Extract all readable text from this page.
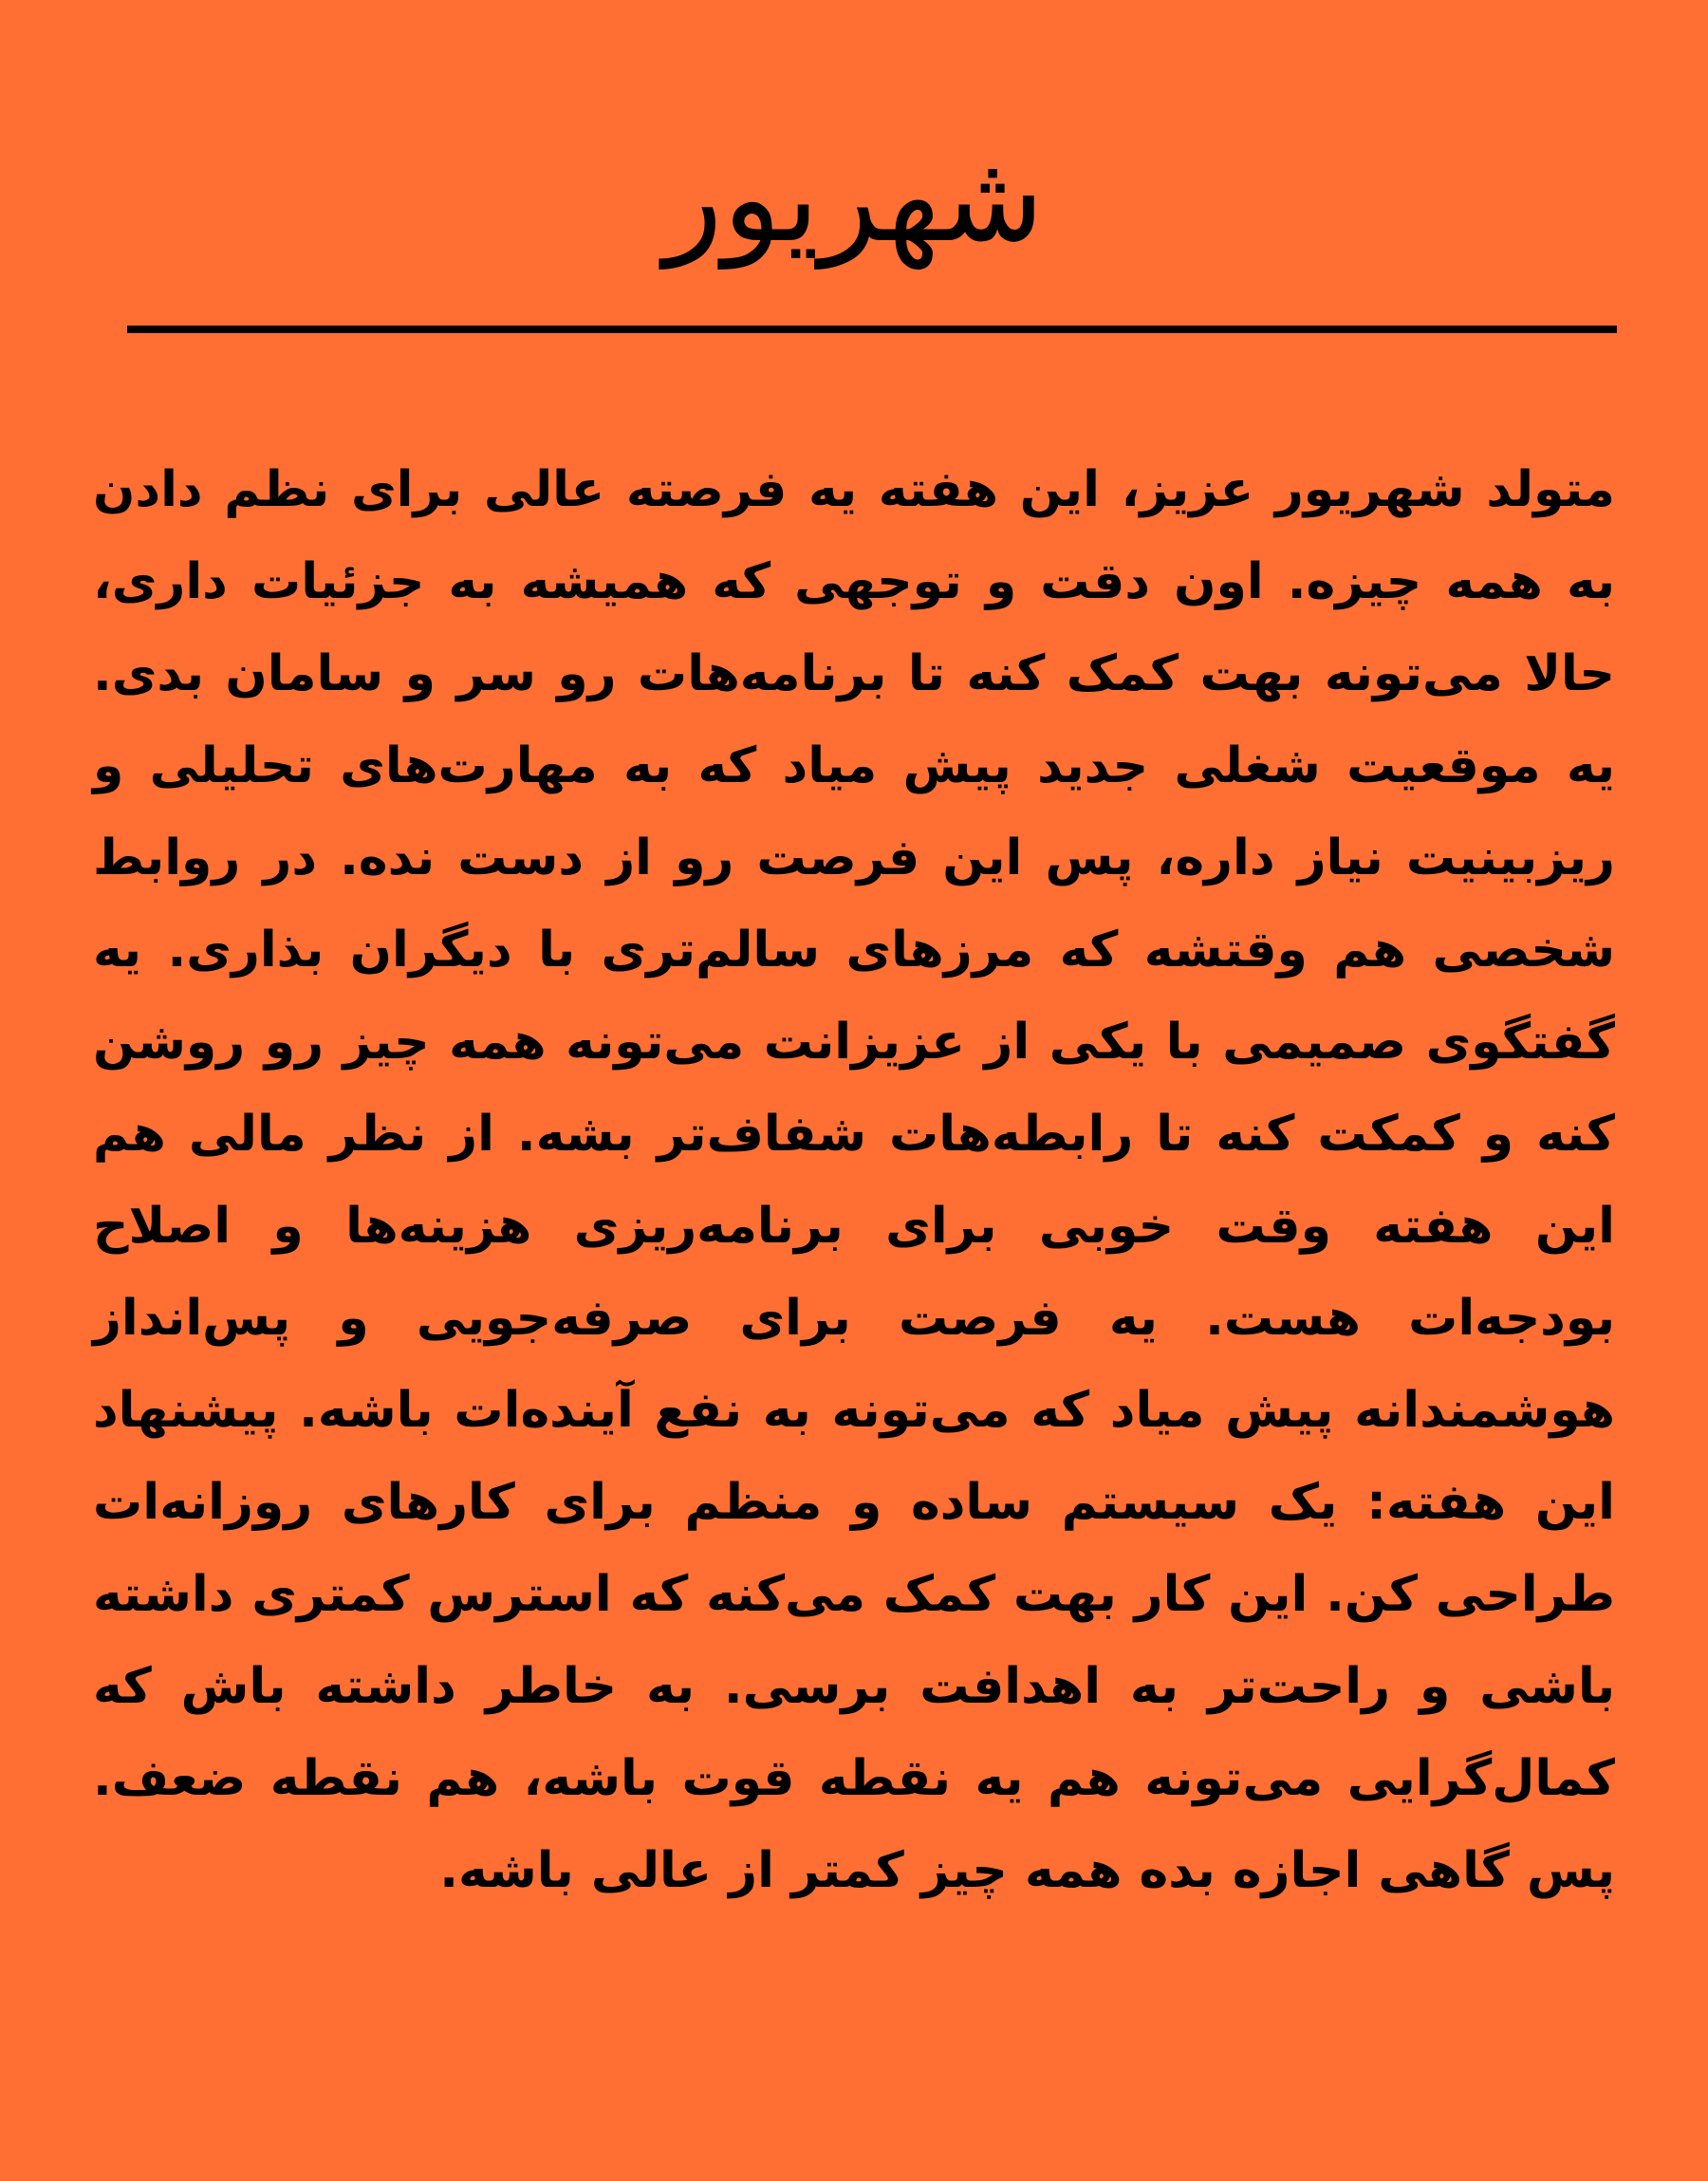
شهریور

متولد شهریور عزیز، این هفته یه فرصته عالی برای نظم دادن به همه چیزه. اون دقت و توجهی که همیشه به جزئیات داری، حالا می‌تونه بهت کمک کنه تا برنامه‌هات رو سر و سامان بدی. یه موقعیت شغلی جدید پیش میاد که به مهارت‌های تحلیلی و ریزبینیت نیاز داره، پس این فرصت رو از دست نده. در روابط شخصی هم وقتشه که مرزهای سالم‌تری با دیگران بذاری. یه گفتگوی صمیمی با یکی از عزیزانت می‌تونه همه چیز رو روشن کنه و کمکت کنه تا رابطه‌هات شفاف‌تر بشه. از نظر مالی هم این هفته وقت خوبی برای برنامه‌ریزی هزینه‌ها و اصلاح بودجه‌ات هست. یه فرصت برای صرفه‌جویی و پس‌انداز هوشمندانه پیش میاد که می‌تونه به نفع آینده‌ات باشه. پیشنهاد این هفته: یک سیستم ساده و منظم برای کارهای روزانه‌ات طراحی کن. این کار بهت کمک می‌کنه که استرس کمتری داشته باشی و راحت‌تر به اهدافت برسی. به خاطر داشته باش که کمال‌گرایی می‌تونه هم یه نقطه قوت باشه، هم نقطه ضعف. پس گاهی اجازه بده همه چیز کمتر از عالی باشه.
